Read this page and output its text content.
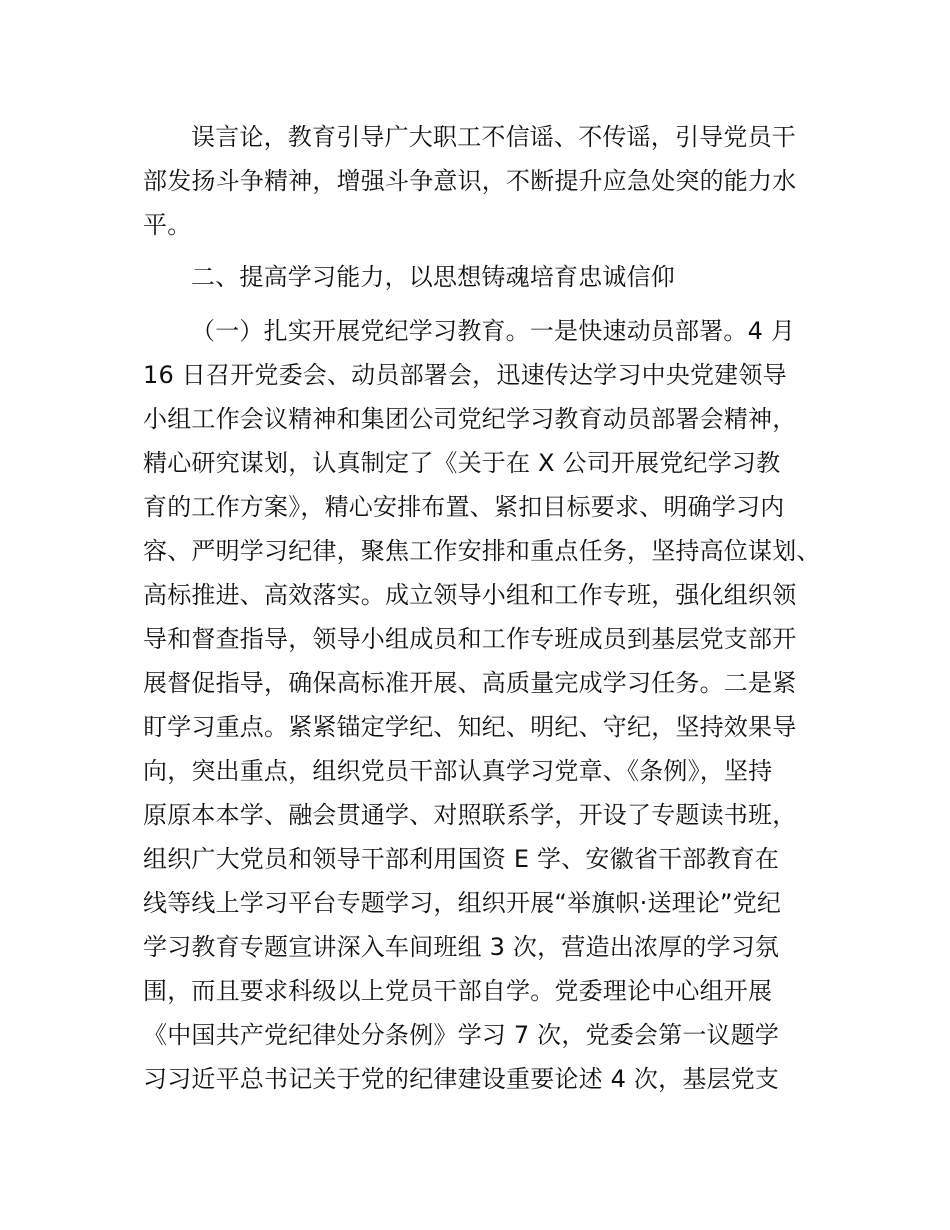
误言论，教育引导广大职工不信谣、不传谣，引导党员干
部发扬斗争精神，增强斗争意识，不断提升应急处突的能力水
平。
二、提高学习能力，以思想铸魂培育忠诚信仰
（一）扎实开展党纪学习教育。一是快速动员部署。4 月
16 日召开党委会、动员部署会，迅速传达学习中央党建领导
小组工作会议精神和集团公司党纪学习教育动员部署会精神，
精心研究谋划，认真制定了《关于在 X 公司开展党纪学习教
育的工作方案》，精心安排布置、紧扣目标要求、明确学习内
容、严明学习纪律，聚焦工作安排和重点任务，坚持高位谋划、
高标推进、高效落实。成立领导小组和工作专班，强化组织领
导和督查指导，领导小组成员和工作专班成员到基层党支部开
展督促指导，确保高标准开展、高质量完成学习任务。二是紧
盯学习重点。紧紧锚定学纪、知纪、明纪、守纪，坚持效果导
向，突出重点，组织党员干部认真学习党章、《条例》，坚持
原原本本学、融会贯通学、对照联系学，开设了专题读书班，
组织广大党员和领导干部利用国资 E 学、安徽省干部教育在
线等线上学习平台专题学习，组织开展“举旗帜·送理论”党纪
学习教育专题宣讲深入车间班组 3 次，营造出浓厚的学习氛
围，而且要求科级以上党员干部自学。党委理论中心组开展
《中国共产党纪律处分条例》学习 7 次，党委会第一议题学
习习近平总书记关于党的纪律建设重要论述 4 次，基层党支
